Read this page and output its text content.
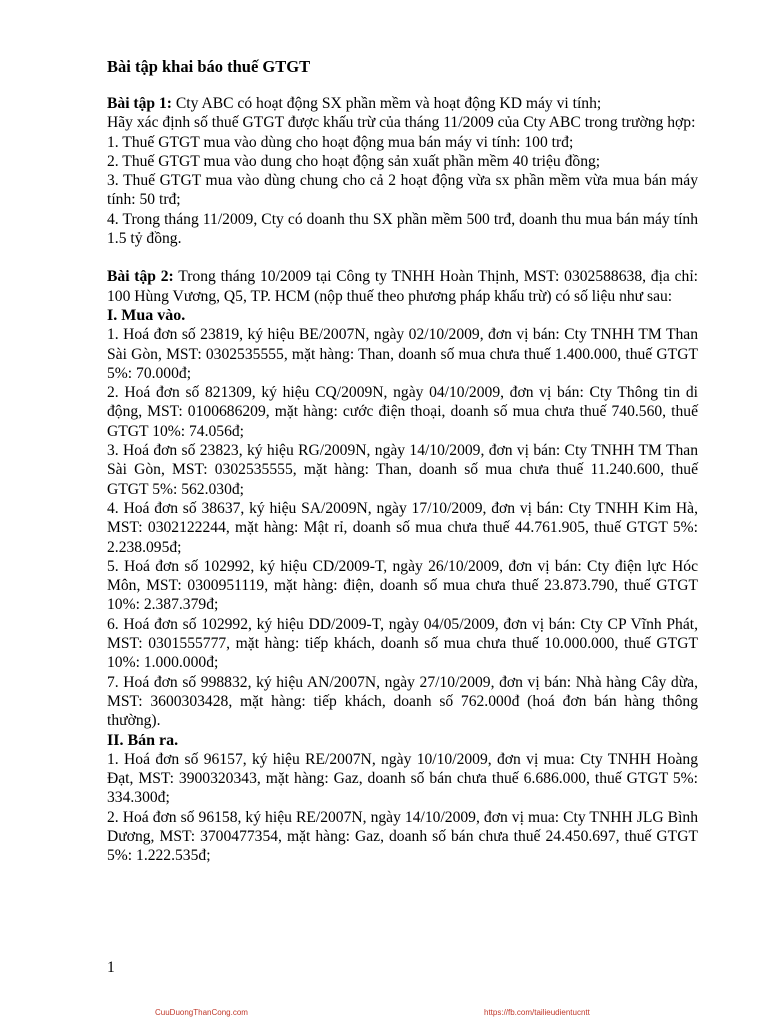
Bài tập khai báo thuế GTGT

Bài tập 1: Cty ABC có hoạt động SX phần mềm và hoạt động KD máy vi tính;

Hãy xác định số thuế GTGT được khấu trừ của tháng 11/2009 của Cty ABC trong trường hợp:

1. Thuế GTGT mua vào dùng cho hoạt động mua bán máy vi tính: 100 trđ;

2. Thuế GTGT mua vào dung cho hoạt động sản xuất phần mềm 40 triệu đồng;

3. Thuế GTGT mua vào dùng chung cho cả 2 hoạt động vừa sx phần mềm vừa mua bán máy tính: 50 trđ;

4. Trong tháng 11/2009, Cty có doanh thu SX phần mềm 500 trđ, doanh thu mua bán máy tính 1.5 tỷ đồng.

Bài tập 2: Trong tháng 10/2009 tại Công ty TNHH Hoàn Thịnh, MST: 0302588638, địa chỉ: 100 Hùng Vương, Q5, TP. HCM (nộp thuế theo phương pháp khấu trừ) có số liệu như sau:

I. Mua vào.

1. Hoá đơn số 23819, ký hiệu BE/2007N, ngày 02/10/2009, đơn vị bán: Cty TNHH TM Than Sài Gòn, MST: 0302535555, mặt hàng: Than, doanh số mua chưa thuế 1.400.000, thuế GTGT 5%: 70.000đ;

2. Hoá đơn số 821309, ký hiệu CQ/2009N, ngày 04/10/2009, đơn vị bán: Cty Thông tin di động, MST: 0100686209, mặt hàng: cước điện thoại, doanh số mua chưa thuế 740.560, thuế GTGT 10%: 74.056đ;

3. Hoá đơn số 23823, ký hiệu RG/2009N, ngày 14/10/2009, đơn vị bán: Cty TNHH TM Than Sài Gòn, MST: 0302535555, mặt hàng: Than, doanh số mua chưa thuế 11.240.600, thuế GTGT 5%: 562.030đ;

4. Hoá đơn số 38637, ký hiệu SA/2009N, ngày 17/10/2009, đơn vị bán: Cty TNHH Kim Hà, MST: 0302122244, mặt hàng: Mật rỉ, doanh số mua chưa thuế 44.761.905, thuế GTGT 5%: 2.238.095đ;

5. Hoá đơn số 102992, ký hiệu CD/2009-T, ngày 26/10/2009, đơn vị bán: Cty điện lực Hóc Môn, MST: 0300951119, mặt hàng: điện, doanh số mua chưa thuế 23.873.790, thuế GTGT 10%: 2.387.379đ;

6. Hoá đơn số 102992, ký hiệu DD/2009-T, ngày 04/05/2009, đơn vị bán: Cty CP Vĩnh Phát, MST: 0301555777, mặt hàng: tiếp khách, doanh số mua chưa thuế 10.000.000, thuế GTGT 10%: 1.000.000đ;

7. Hoá đơn số 998832, ký hiệu AN/2007N, ngày 27/10/2009, đơn vị bán: Nhà hàng Cây dừa, MST: 3600303428, mặt hàng: tiếp khách, doanh số 762.000đ (hoá đơn bán hàng thông thường).

II. Bán ra.

1. Hoá đơn số 96157, ký hiệu RE/2007N, ngày 10/10/2009, đơn vị mua: Cty TNHH Hoàng Đạt, MST: 3900320343, mặt hàng: Gaz, doanh số bán chưa thuế 6.686.000, thuế GTGT 5%: 334.300đ;

2. Hoá đơn số 96158, ký hiệu RE/2007N, ngày 14/10/2009, đơn vị mua: Cty TNHH JLG Bình Dương, MST: 3700477354, mặt hàng: Gaz, doanh số bán chưa thuế 24.450.697, thuế GTGT 5%: 1.222.535đ;

1
CuuDuongThanCong.com	https://fb.com/tailieudientucntt
